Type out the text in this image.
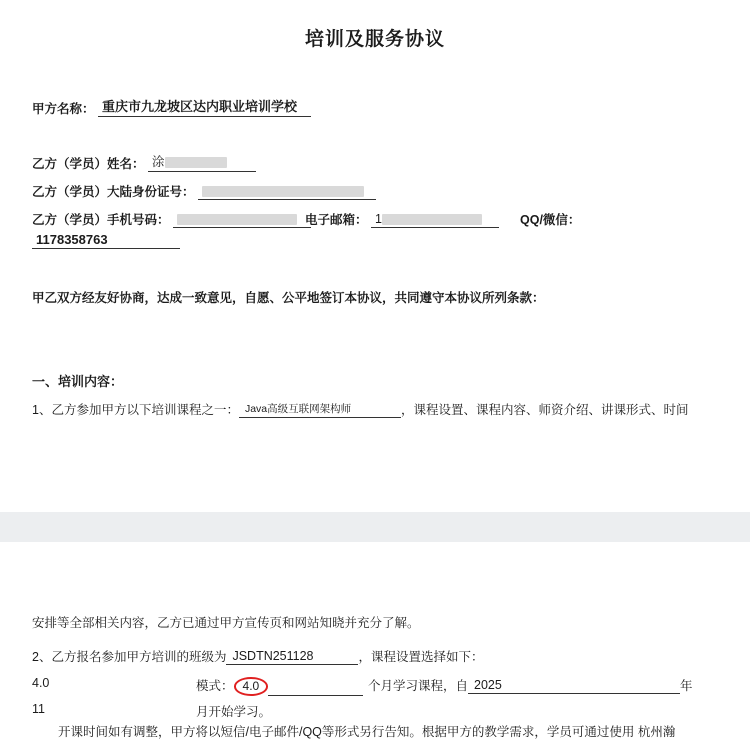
培训及服务协议
甲方名称： 重庆市九龙坡区达内职业培训学校
乙方（学员）姓名： 涂
乙方（学员）大陆身份证号：
乙方（学员）手机号码：	电子邮箱： 1	QQ/微信：
1178358763
甲乙双方经友好协商，达成一致意见，自愿、公平地签订本协议，共同遵守本协议所列条款：
一、培训内容：
1、乙方参加甲方以下培训课程之一： Java高级互联网架构师	，课程设置、课程内容、师资介绍、讲课形式、时间
安排等全部相关内容，乙方已通过甲方宣传页和网站知晓并充分了解。
2、乙方报名参加甲方培训的班级为 JSDTN251128	，课程设置选择如下：
4.0	模式： 4.0	个月学习课程，自 2025	年
11	月开始学习。
开课时间如有调整，甲方将以短信/电子邮件/QQ等形式另行告知。根据甲方的教学需求，学员可通过使用 杭州瀚
